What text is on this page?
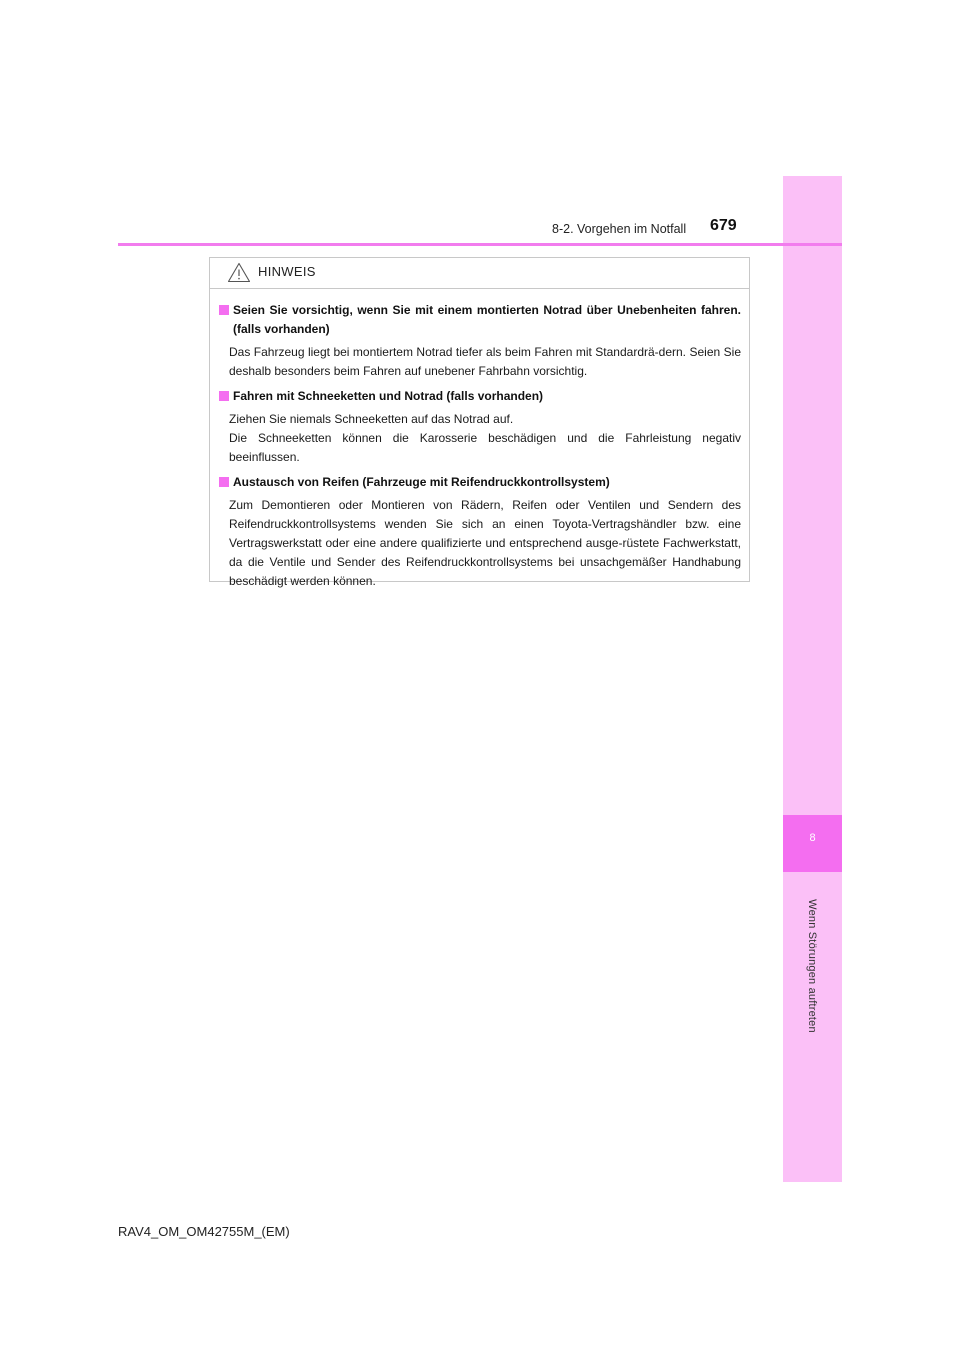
8
Wenn Störungen auftreten
8-2. Vorgehen im Notfall 679
HINWEIS
Seien Sie vorsichtig, wenn Sie mit einem montierten Notrad über Unebenheiten fahren. (falls vorhanden)

Das Fahrzeug liegt bei montiertem Notrad tiefer als beim Fahren mit Standardrä-dern. Seien Sie deshalb besonders beim Fahren auf unebener Fahrbahn vorsichtig.

Fahren mit Schneeketten und Notrad (falls vorhanden)

Ziehen Sie niemals Schneeketten auf das Notrad auf.

Die Schneeketten können die Karosserie beschädigen und die Fahrleistung negativ beeinflussen.

Austausch von Reifen (Fahrzeuge mit Reifendruckkontrollsystem)

Zum Demontieren oder Montieren von Rädern, Reifen oder Ventilen und Sendern des Reifendruckkontrollsystems wenden Sie sich an einen Toyota-Vertragshändler bzw. eine Vertragswerkstatt oder eine andere qualifizierte und entsprechend ausge-rüstete Fachwerkstatt, da die Ventile und Sender des Reifendruckkontrollsystems bei unsachgemäßer Handhabung beschädigt werden können.

RAV4_OM_OM42755M_(EM)
